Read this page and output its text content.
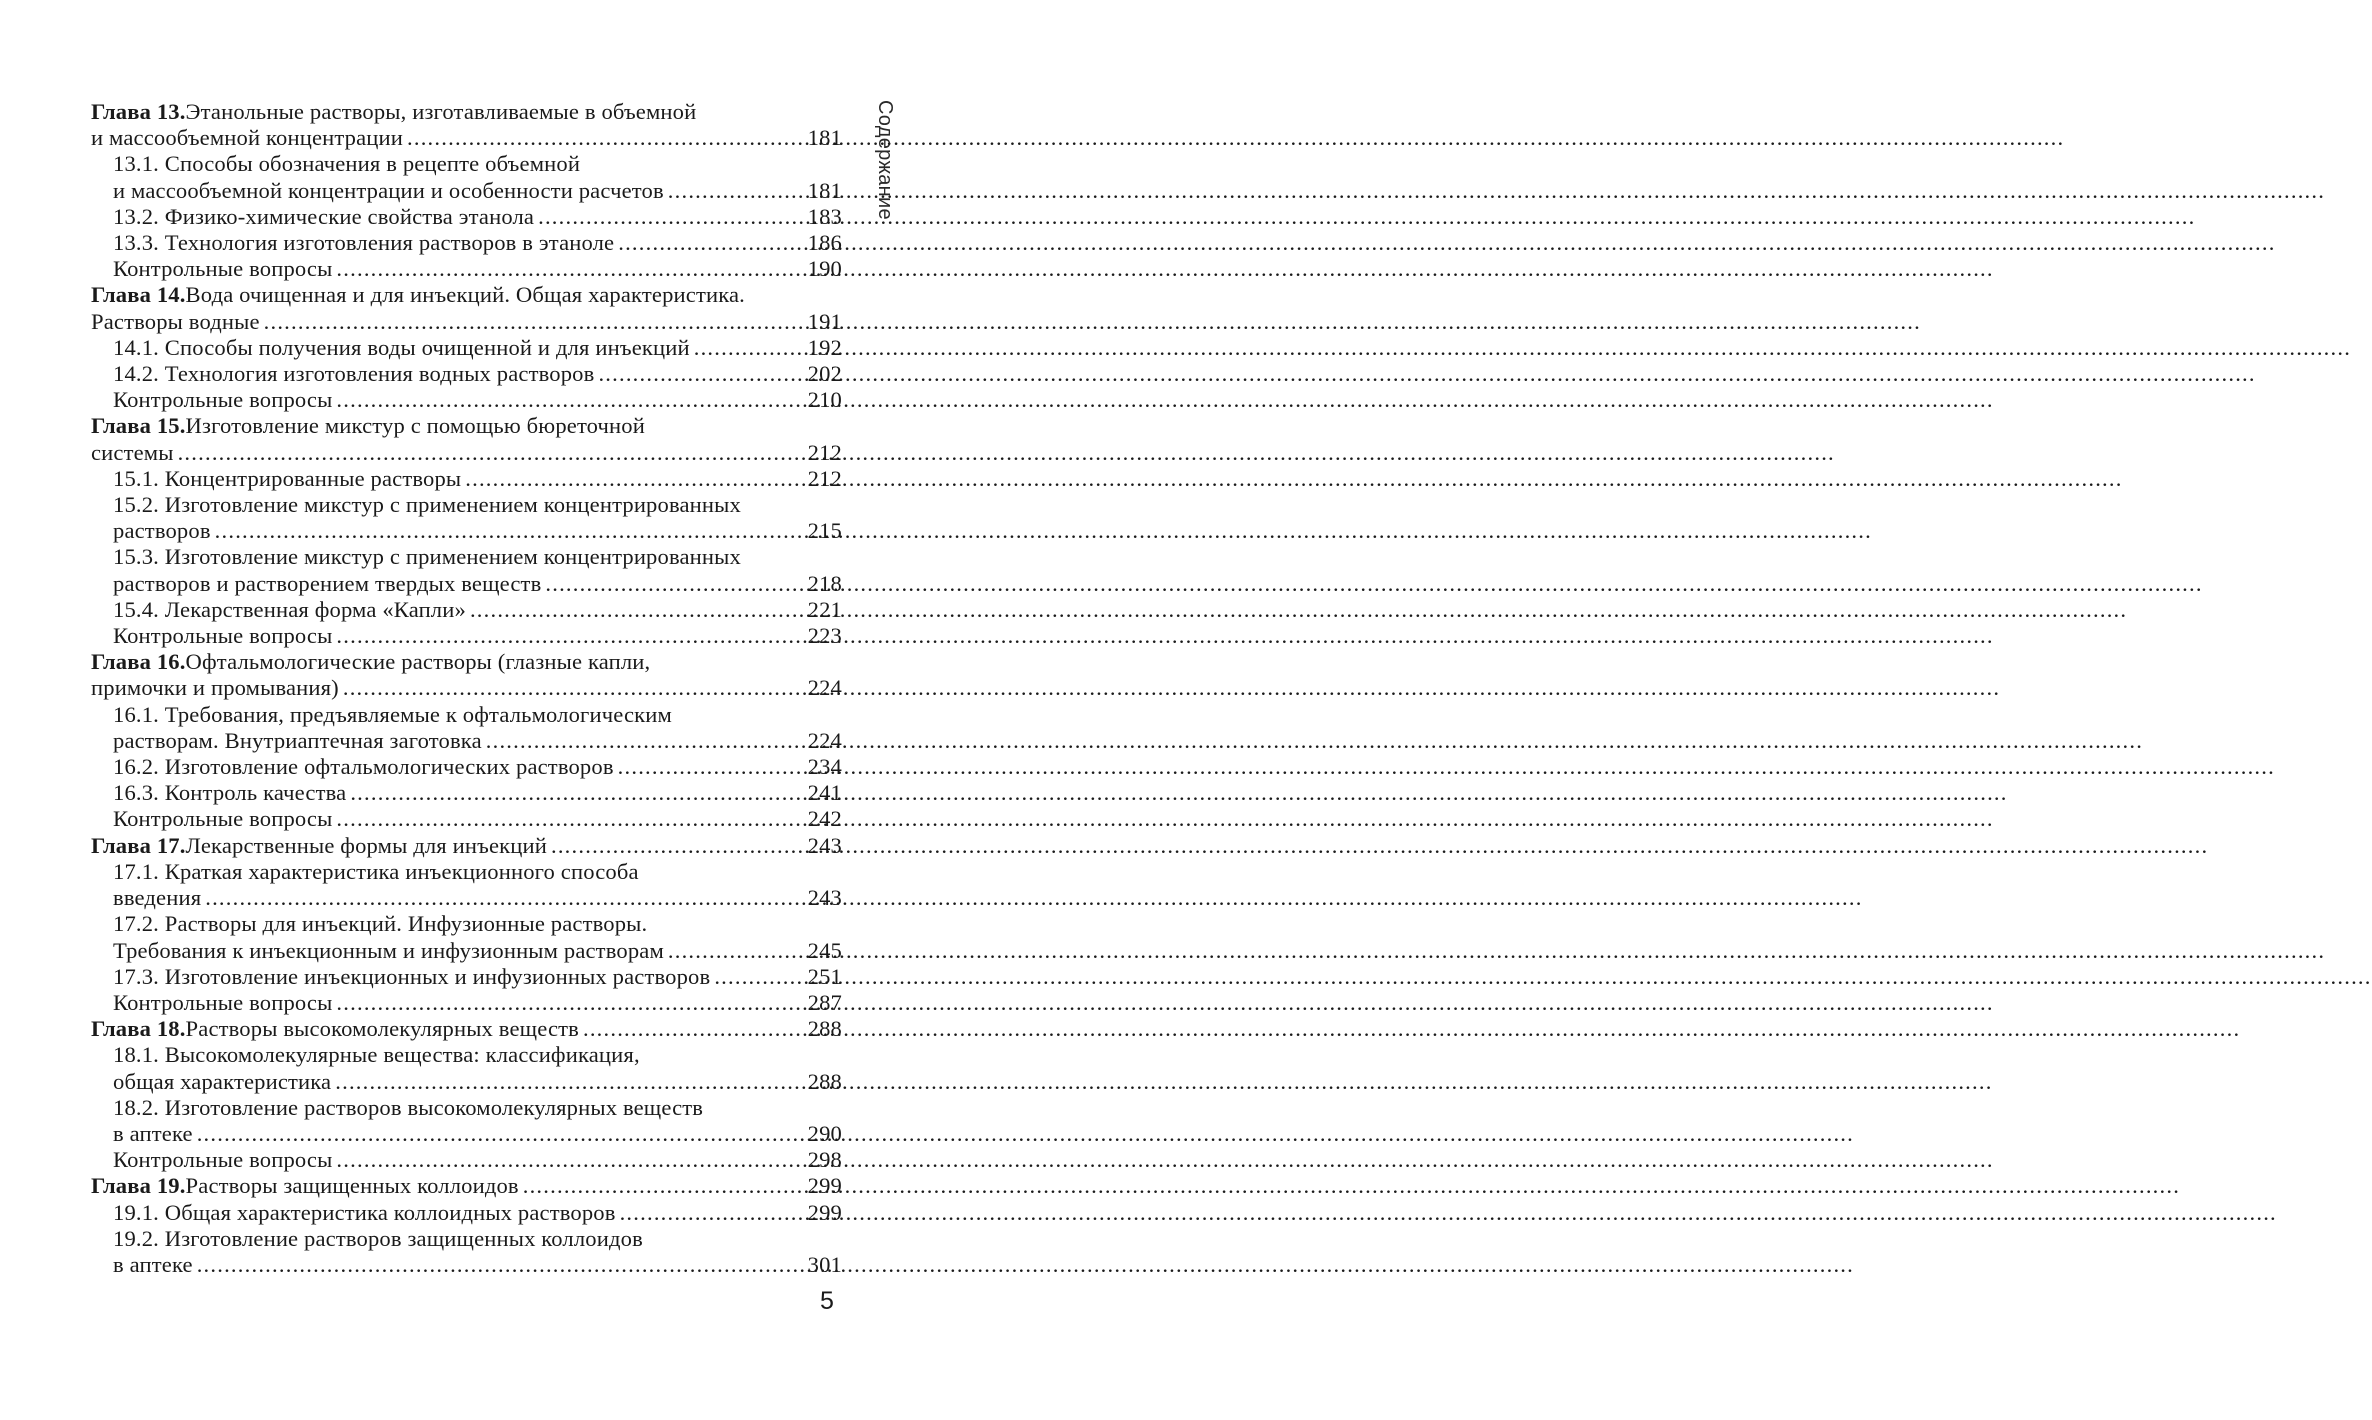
Содержание
Глава 13. Этанольные растворы, изготавливаемые в объемной
и массообъемной концентрации .....	181
13.1. Способы обозначения в рецепте объемной
и массообъемной концентрации и особенности расчетов .....	181
13.2. Физико-химические свойства этанола .....	183
13.3. Технология изготовления растворов в этаноле .....	186
Контрольные вопросы .....	190
Глава 14. Вода очищенная и для инъекций. Общая характеристика.
Растворы водные .....	191
14.1. Способы получения воды очищенной и для инъекций .....	192
14.2. Технология изготовления водных растворов .....	202
Контрольные вопросы .....	210
Глава 15. Изготовление микстур с помощью бюреточной
системы .....	212
15.1. Концентрированные растворы .....	212
15.2. Изготовление микстур с применением концентрированных
растворов .....	215
15.3. Изготовление микстур с применением концентрированных
растворов и растворением твердых веществ .....	218
15.4. Лекарственная форма «Капли» .....	221
Контрольные вопросы .....	223
Глава 16. Офтальмологические растворы (глазные капли,
примочки и промывания) .....	224
16.1. Требования, предъявляемые к офтальмологическим
растворам. Внутриаптечная заготовка .....	224
16.2. Изготовление офтальмологических растворов .....	234
16.3. Контроль качества .....	241
Контрольные вопросы .....	242
Глава 17. Лекарственные формы для инъекций .....	243
17.1. Краткая характеристика инъекционного способа
введения .....	243
17.2. Растворы для инъекций. Инфузионные растворы.
Требования к инъекционным и инфузионным растворам .....	245
17.3. Изготовление инъекционных и инфузионных растворов .....	251
Контрольные вопросы .....	287
Глава 18. Растворы высокомолекулярных веществ .....	288
18.1. Высокомолекулярные вещества: классификация,
общая характеристика .....	288
18.2. Изготовление растворов высокомолекулярных веществ
в аптеке .....	290
Контрольные вопросы .....	298
Глава 19. Растворы защищенных коллоидов .....	299
19.1. Общая характеристика коллоидных растворов .....	299
19.2. Изготовление растворов защищенных коллоидов
в аптеке .....	301
5
